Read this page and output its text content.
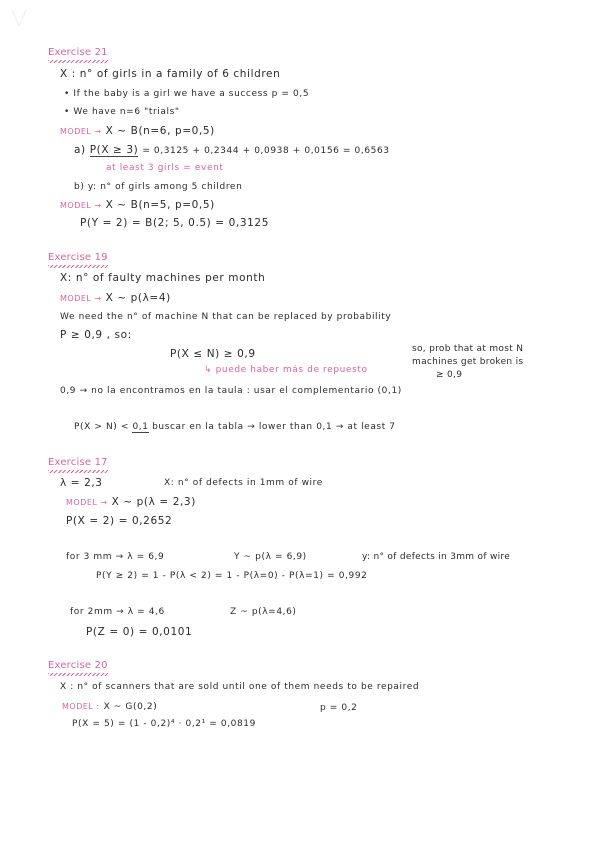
Exercise 21
X : n° of girls in a family of 6 children
• If the baby is a girl we have a success p = 0,5
• We have n=6 "trials"
MODEL → X ~ B(n=6, p=0,5)
a) P(X ≥ 3) = 0,3125 + 0,2344 + 0,0938 + 0,0156 = 0,6563
at least 3 girls = event
b) y: n° of girls among 5 children
MODEL → X ~ B(n=5, p=0,5)
P(Y = 2) = B(2; 5, 0.5) = 0,3125
Exercise 19
X: n° of faulty machines per month
MODEL → X ~ p(λ=4)
We need the n° of machine N that can be replaced by probability
P ≥ 0,9 , so:
P(X ≤ N) ≥ 0,9	so, prob that at most N
machines get broken is
≥ 0,9
↳ puede haber más de repuesto
0,9 → no la encontramos en la taula : usar el complementario (0,1)
P(X > N) < 0,1 buscar en la tabla → lower than 0,1 → at least 7
Exercise 17
λ = 2,3	X: n° of defects in 1mm of wire
MODEL → X ~ p(λ = 2,3)
P(X = 2) = 0,2652
for 3 mm → λ = 6,9	Y ~ p(λ = 6,9)	y: n° of defects in 3mm of wire
P(Y ≥ 2) = 1 - P(λ < 2) = 1 - P(λ=0) - P(λ=1) = 0,992
for 2mm → λ = 4,6	Z ~ p(λ=4,6)
P(Z = 0) = 0,0101
Exercise 20
X : n° of scanners that are sold until one of them needs to be repaired
MODEL : X ~ G(0,2)	p = 0,2
P(X = 5) = (1 - 0,2)⁴ · 0,2¹ = 0,0819
